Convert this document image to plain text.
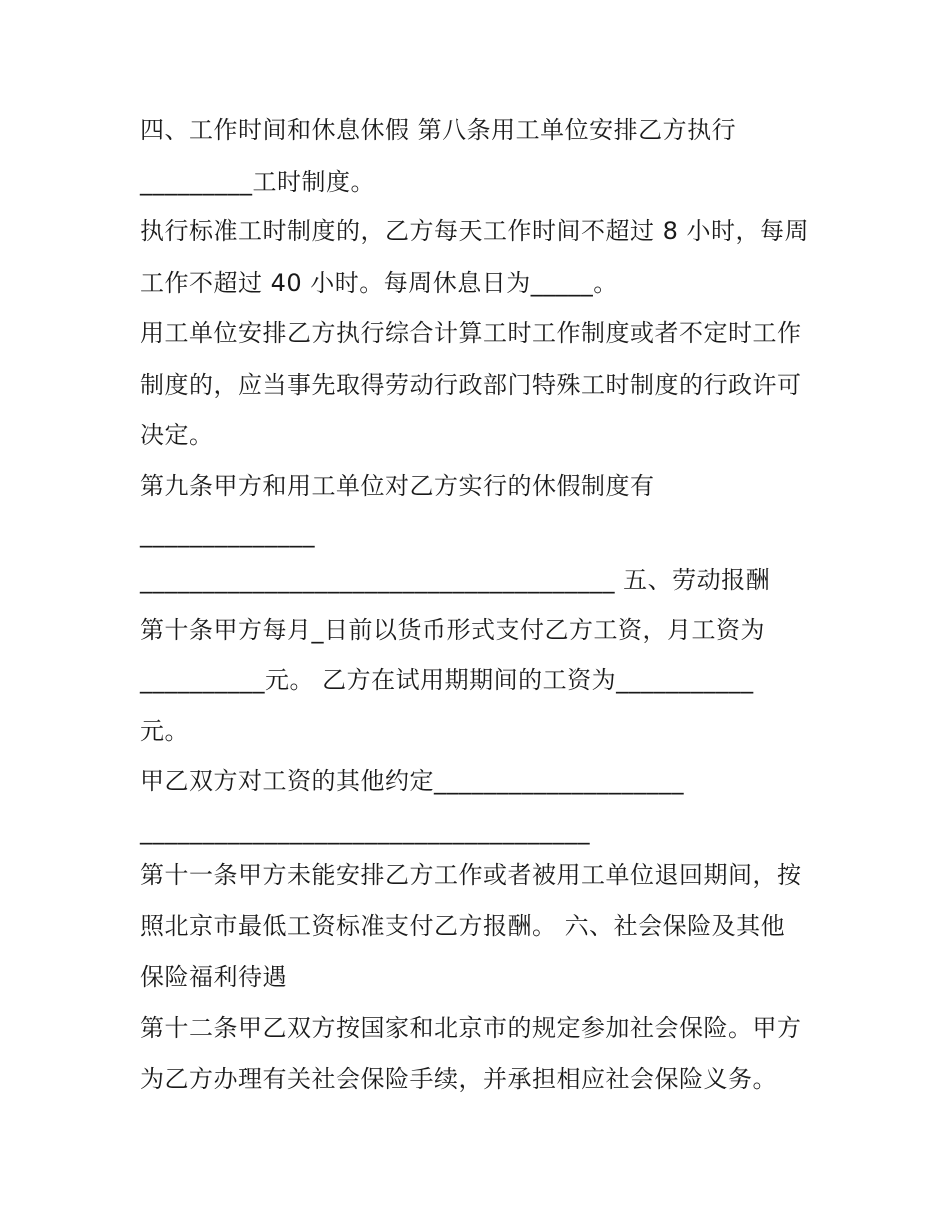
四、工作时间和休息休假 第八条用工单位安排乙方执行
_________工时制度。
执行标准工时制度的，乙方每天工作时间不超过 8 小时，每周
工作不超过 40 小时。每周休息日为_____。
用工单位安排乙方执行综合计算工时工作制度或者不定时工作
制度的，应当事先取得劳动行政部门特殊工时制度的行政许可
决定。
第九条甲方和用工单位对乙方实行的休假制度有
______________
______________________________________ 五、劳动报酬
第十条甲方每月_日前以货币形式支付乙方工资，月工资为
__________元。 乙方在试用期期间的工资为___________
元。
甲乙双方对工资的其他约定____________________
____________________________________
第十一条甲方未能安排乙方工作或者被用工单位退回期间，按
照北京市最低工资标准支付乙方报酬。 六、社会保险及其他
保险福利待遇
第十二条甲乙双方按国家和北京市的规定参加社会保险。甲方
为乙方办理有关社会保险手续，并承担相应社会保险义务。
